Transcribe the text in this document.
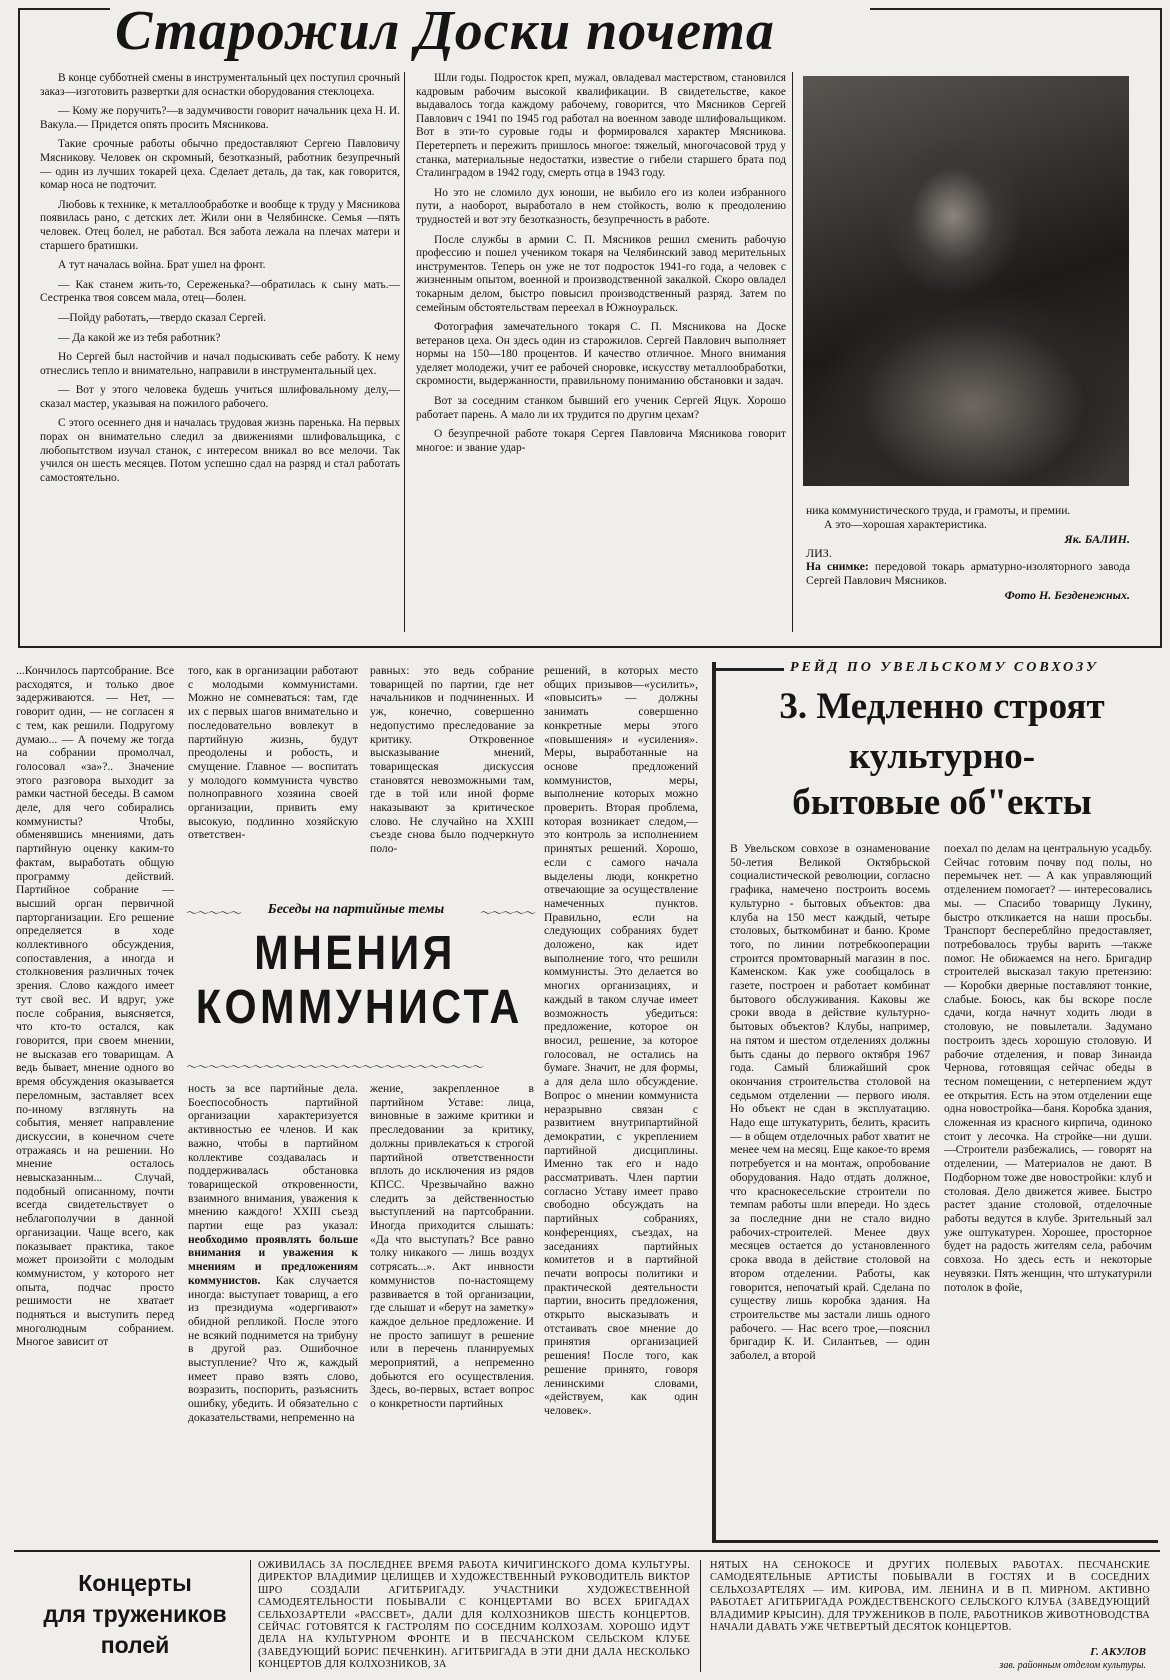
Старожил Доски почета

В конце субботней смены в инструментальный цех поступил срочный заказ—изготовить развертки для оснастки оборудования стеклоцеха.

— Кому же поручить?—в задумчивости говорит начальник цеха Н. И. Вакула.— Придется опять просить Мясникова.

Такие срочные работы обычно предоставляют Сергею Павловичу Мясникову. Человек он скромный, безотказный, работник безупречный — один из лучших токарей цеха. Сделает деталь, да так, как говорится, комар носа не подточит.

Любовь к технике, к металлообработке и вообще к труду у Мясникова появилась рано, с детских лет. Жили они в Челябинске. Семья —пять человек. Отец болел, не работал. Вся забота лежала на плечах матери и старшего братишки.

А тут началась война. Брат ушел на фронт.

— Как станем жить-то, Сереженька?—обратилась к сыну мать.—Сестренка твоя совсем мала, отец—болен.

—Пойду работать,—твердо сказал Сергей.

— Да какой же из тебя работник?

Но Сергей был настойчив и начал подыскивать себе работу. К нему отнеслись тепло и внимательно, направили в инструментальный цех.

— Вот у этого человека будешь учиться шлифовальному делу,—сказал мастер, указывая на пожилого рабочего.

С этого осеннего дня и началась трудовая жизнь паренька. На первых порах он внимательно следил за движениями шлифовальщика, с любопытством изучал станок, с интересом вникал во все мелочи. Так учился он шесть месяцев. Потом успешно сдал на разряд и стал работать самостоятельно.

Шли годы. Подросток креп, мужал, овладевал мастерством, становился кадровым рабочим высокой квалификации. В свидетельстве, какое выдавалось тогда каждому рабочему, говорится, что Мясников Сергей Павлович с 1941 по 1945 год работал на военном заводе шлифовальщиком. Вот в эти-то суровые годы и формировался характер Мясникова. Перетерпеть и пережить пришлось многое: тяжелый, многочасовой труд у станка, материальные недостатки, известие о гибели старшего брата под Сталинградом в 1942 году, смерть отца в 1943 году.

Но это не сломило дух юноши, не выбило его из колеи избранного пути, а наоборот, выработало в нем стойкость, волю к преодолению трудностей и вот эту безотказность, безупречность в работе.

После службы в армии С. П. Мясников решил сменить рабочую профессию и пошел учеником токаря на Челябинский завод мерительных инструментов. Теперь он уже не тот подросток 1941-го года, а человек с жизненным опытом, военной и производственной закалкой. Скоро овладел токарным делом, быстро повысил производственный разряд. Затем по семейным обстоятельствам переехал в Южноуральск.

Фотография замечательного токаря С. П. Мясникова на Доске ветеранов цеха. Он здесь один из старожилов. Сергей Павлович выполняет нормы на 150—180 процентов. И качество отличное. Много внимания уделяет молодежи, учит ее рабочей сноровке, искусству металлообработки, скромности, выдержанности, правильному пониманию обстановки и задач.

Вот за соседним станком бывший его ученик Сергей Яцук. Хорошо работает парень. А мало ли их трудится по другим цехам?

О безупречной работе токаря Сергея Павловича Мясникова говорит многое: и звание удар-

ника коммунистического труда, и грамоты, и премии.
А это—хорошая характеристика.
Як. БАЛИН.
ЛИЗ.
На снимке: передовой токарь арматурно-изоляторного завода Сергей Павлович Мясников.
Фото Н. Безденежных.
...Кончилось партсобрание. Все расходятся, и только двое задерживаются. — Нет, — говорит один, — не согласен я с тем, как решили. Подругому думаю... — А почему же тогда на собрании промолчал, голосовал «за»?.. Значение этого разговора выходит за рамки частной беседы. В самом деле, для чего собирались коммунисты? Чтобы, обменявшись мнениями, дать партийную оценку каким-то фактам, выработать общую программу действий. Партийное собрание — высший орган первичной парторганизации. Его решение определяется в ходе коллективного обсуждения, сопоставления, а иногда и столкновения различных точек зрения. Слово каждого имеет тут свой вес. И вдруг, уже после собрания, выясняется, что кто-то остался, как говорится, при своем мнении, не высказав его товарищам. А ведь бывает, мнение одного во время обсуждения оказывается переломным, заставляет всех по-иному взглянуть на события, меняет направление дискуссии, в конечном счете отражаясь и на решении. Но мнение осталось невысказанным... Случай, подобный описанному, почти всегда свидетельствует о неблагополучии в данной организации. Чаще всего, как показывает практика, такое может произойти с молодым коммунистом, у которого нет опыта, подчас просто решимости не хватает подняться и выступить перед многолюдным собранием. Многое зависит от
того, как в организации работают с молодыми коммунистами. Можно не сомневаться: там, где их с первых шагов внимательно и последовательно вовлекут в партийную жизнь, будут преодолены и робость, и смущение. Главное — воспитать у молодого коммуниста чувство полноправного хозяина своей организации, привить ему высокую, подлинно хозяйскую ответствен-
равных: это ведь собрание товарищей по партии, где нет начальников и подчиненных. И уж, конечно, совершенно недопустимо преследование за критику. Откровенное высказывание мнений, товарищеская дискуссия становятся невозможными там, где в той или иной форме наказывают за критическое слово. Не случайно на XXIII съезде снова было подчеркнуто поло-
решений, в которых место общих призывов—«усилить», «повысить» — должны занимать совершенно конкретные меры этого «повышения» и «усиления». Меры, выработанные на основе предложений коммунистов, меры, выполнение которых можно проверить. Вторая проблема, которая возникает следом,—это контроль за исполнением принятых решений. Хорошо, если с самого начала выделены люди, конкретно отвечающие за осуществление намеченных пунктов. Правильно, если на следующих собраниях будет доложено, как идет выполнение того, что решили коммунисты. Это делается во многих организациях, и каждый в таком случае имеет возможность убедиться: предложение, которое он вносил, решение, за которое голосовал, не остались на бумаге. Значит, не для формы, а для дела шло обсуждение. Вопрос о мнении коммуниста неразрывно связан с развитием внутрипартийной демократии, с укреплением партийной дисциплины. Именно так его и надо рассматривать. Член партии согласно Уставу имеет право свободно обсуждать на партийных собраниях, конференциях, съездах, на заседаниях партийных комитетов и в партийной печати вопросы политики и практической деятельности партии, вносить предложения, открыто высказывать и отстаивать свое мнение до принятия организацией решения! После того, как решение принято, говоря ленинскими словами, «действуем, как один человек».
〜〜〜〜〜	Беседы на партийные темы	〜〜〜〜〜
МНЕНИЯ
КОММУНИСТА
〜〜〜〜〜〜〜〜〜〜〜〜〜〜〜〜〜〜〜〜〜〜〜〜〜〜〜
ность за все партийные дела. Боеспособность партийной организации характеризуется активностью ее членов. И как важно, чтобы в партийном коллективе создавалась и поддерживалась обстановка товарищеской откровенности, взаимного внимания, уважения к мнению каждого! XXIII съезд партии еще раз указал: необходимо проявлять больше внимания и уважения к мнениям и предложениям коммунистов. Как случается иногда: выступает товарищ, а его из президиума «одергивают» обидной репликой. После этого не всякий поднимется на трибуну в другой раз. Ошибочное выступление? Что ж, каждый имеет право взять слово, возразить, поспорить, разъяснить ошибку, убедить. И обязательно с доказательствами, непременно на
жение, закрепленное в партийном Уставе: лица, виновные в зажиме критики и преследовании за критику, должны привлекаться к строгой партийной ответственности вплоть до исключения из рядов КПСС. Чрезвычайно важно следить за действенностью выступлений на партсобрании. Иногда приходится слышать: «Да что выступать? Все равно толку никакого — лишь воздух сотрясать...». Акт инвности коммунистов по-настоящему развивается в той организации, где слышат и «берут на заметку» каждое дельное предложение. И не просто запишут в решение или в перечень планируемых мероприятий, а непременно добьются его осуществления. Здесь, во-первых, встает вопрос о конкретности партийных
РЕЙД ПО УВЕЛЬСКОМУ СОВХОЗУ
3. Медленно строят
культурно-
бытовые об"екты
В Увельском совхозе в ознаменование 50-летия Великой Октябрьской социалистической революции, согласно графика, намечено построить восемь культурно - бытовых объектов: два клуба на 150 мест каждый, четыре столовых, быткомбинат и баню. Кроме того, по линии потребкооперации строится промтоварный магазин в пос. Каменском. Как уже сообщалось в газете, построен и работает комбинат бытового обслуживания. Каковы же сроки ввода в действие культурно- бытовых объектов? Клубы, например, на пятом и шестом отделениях должны быть сданы до первого октября 1967 года. Самый ближайший срок окончания строительства столовой на седьмом отделении — первого июля. Но объект не сдан в эксплуатацию. Надо еще штукатурить, белить, красить — в общем отделочных работ хватит не менее чем на месяц. Еще какое-то время потребуется и на монтаж, опробование оборудования. Надо отдать должное, что краснокесельские строители по темпам работы шли впереди. Но здесь за последние дни не стало видно рабочих-строителей. Менее двух месяцев остается до установленного срока ввода в действие столовой на втором отделении. Работы, как говорится, непочатый край. Сделана по существу лишь коробка здания. На строительстве мы застали лишь одного рабочего. — Нас всего трое,—пояснил бригадир К. И. Силантьев, — один заболел, а второй
поехал по делам на центральную усадьбу. Сейчас готовим почву под полы, но перемычек нет. — А как управляющий отделением помогает? — интересовались мы. — Спасибо товарищу Лукину, быстро откликается на наши просьбы. Транспорт беспереблйно предоставляет, потребовалось трубы варить —также помог. Не обижаемся на него. Бригадир строителей высказал такую претензию: — Коробки дверные поставляют тонкие, слабые. Боюсь, как бы вскоре после сдачи, когда начнут ходить люди в столовую, не повылетали. Задумано построить здесь хорошую столовую. И рабочие отделения, и повар Зинаида Чернова, готовящая сейчас обеды в тесном помещении, с нетерпением ждут ее открытия. Есть на этом отделении еще одна новостройка—баня. Коробка здания, сложенная из красного кирпича, одиноко стоит у лесочка. На стройке—ни души. —Строители разбежались, — говорят на отделении, — Материалов не дают. В Подборном тоже две новостройки: клуб и столовая. Дело движется живее. Быстро растет здание столовой, отделочные работы ведутся в клубе. Зрительный зал уже оштукатурен. Хорошее, просторное будет на радость жителям села, рабочим совхоза. Но здесь есть и некоторые неувязки. Пять женщин, что штукатурили потолок в фойе,
Концерты
для тружеников
полей
ОЖИВИЛАСЬ ЗА ПОСЛЕДНЕЕ ВРЕМЯ РАБОТА КИЧИГИНСКОГО ДОМА КУЛЬТУРЫ. ДИРЕКТОР ВЛАДИМИР ЦЕЛИЩЕВ И ХУДОЖЕСТВЕННЫЙ РУКОВОДИТЕЛЬ ВИКТОР ШРО СОЗДАЛИ АГИТБРИГАДУ. УЧАСТНИКИ ХУДОЖЕСТВЕННОЙ САМОДЕЯТЕЛЬНОСТИ ПОБЫВАЛИ С КОНЦЕРТАМИ ВО ВСЕХ БРИГАДАХ СЕЛЬХОЗАРТЕЛИ «РАССВЕТ», ДАЛИ ДЛЯ КОЛХОЗНИКОВ ШЕСТЬ КОНЦЕРТОВ. СЕЙЧАС ГОТОВЯТСЯ К ГАСТРОЛЯМ ПО СОСЕДНИМ КОЛХОЗАМ. ХОРОШО ИДУТ ДЕЛА НА КУЛЬТУРНОМ ФРОНТЕ И В ПЕСЧАНСКОМ СЕЛЬСКОМ КЛУБЕ (ЗАВЕДУЮЩИЙ БОРИС ПЕЧЕНКИН). АГИТБРИГАДА В ЭТИ ДНИ ДАЛА НЕСКОЛЬКО КОНЦЕРТОВ ДЛЯ КОЛХОЗНИКОВ, ЗА
НЯТЫХ НА СЕНОКОСЕ И ДРУГИХ ПОЛЕВЫХ РАБОТАХ. ПЕСЧАНСКИЕ САМОДЕЯТЕЛЬНЫЕ АРТИСТЫ ПОБЫВАЛИ В ГОСТЯХ И В СОСЕДНИХ СЕЛЬХОЗАРТЕЛЯХ — ИМ. КИРОВА, ИМ. ЛЕНИНА И В П. МИРНОМ. АКТИВНО РАБОТАЕТ АГИТБРИГАДА РОЖДЕСТВЕНСКОГО СЕЛЬСКОГО КЛУБА (ЗАВЕДУЮЩИЙ ВЛАДИМИР КРЫСИН). ДЛЯ ТРУЖЕНИКОВ В ПОЛЕ, РАБОТНИКОВ ЖИВОТНОВОДСТВА НАЧАЛИ ДАВАТЬ УЖЕ ЧЕТВЕРТЫЙ ДЕСЯТОК КОНЦЕРТОВ.
Г. АКУЛОВ
зав. районным отделом культуры.
